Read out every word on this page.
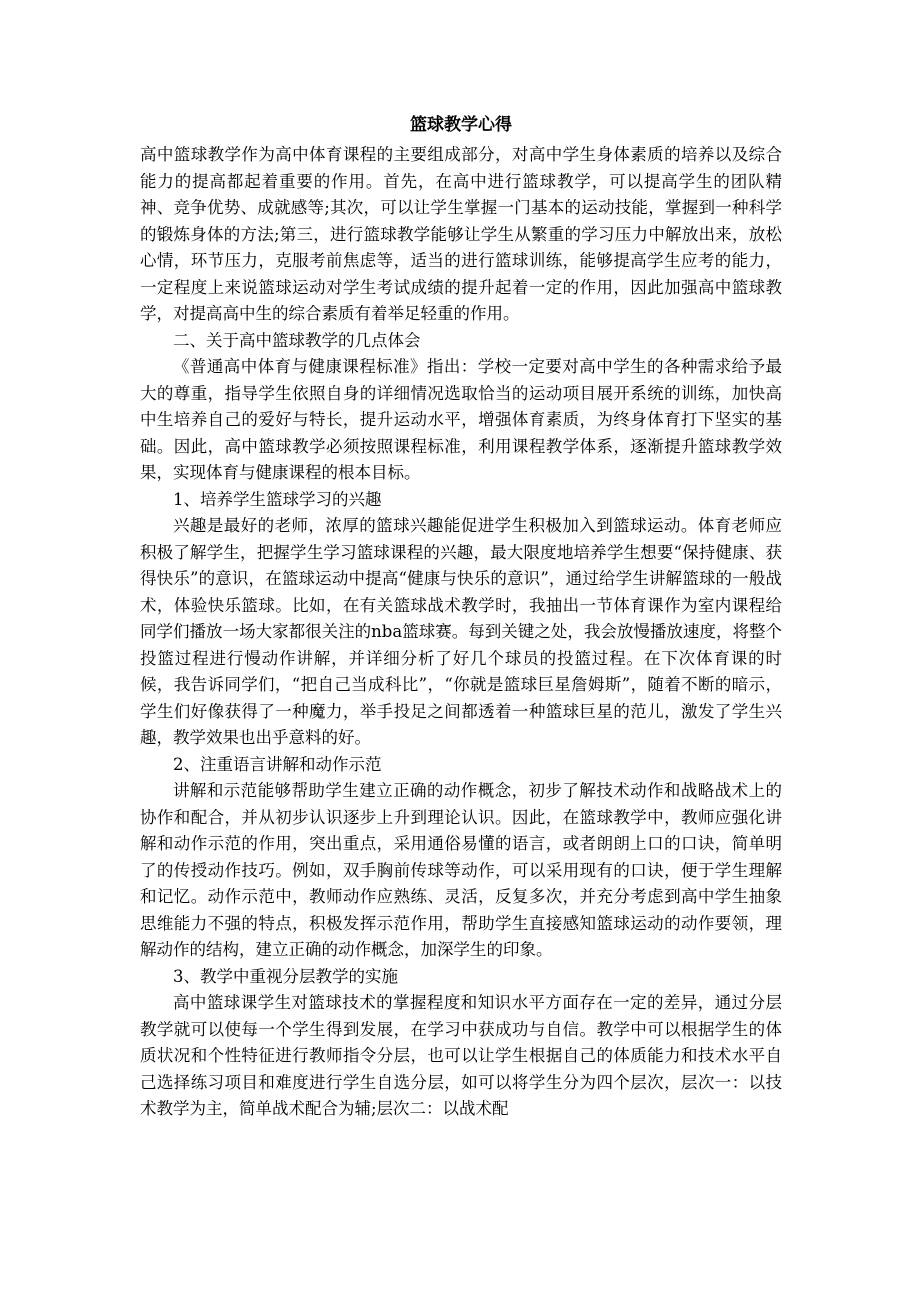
篮球教学心得

高中篮球教学作为高中体育课程的主要组成部分，对高中学生身体素质的培养以及综合能力的提高都起着重要的作用。首先，在高中进行篮球教学，可以提高学生的团队精神、竞争优势、成就感等;其次，可以让学生掌握一门基本的运动技能，掌握到一种科学的锻炼身体的方法;第三，进行篮球教学能够让学生从繁重的学习压力中解放出来，放松心情，环节压力，克服考前焦虑等，适当的进行篮球训练，能够提高学生应考的能力，一定程度上来说篮球运动对学生考试成绩的提升起着一定的作用，因此加强高中篮球教学，对提高高中生的综合素质有着举足轻重的作用。

二、关于高中篮球教学的几点体会

《普通高中体育与健康课程标准》指出：学校一定要对高中学生的各种需求给予最大的尊重，指导学生依照自身的详细情况选取恰当的运动项目展开系统的训练，加快高中生培养自己的爱好与特长，提升运动水平，增强体育素质，为终身体育打下坚实的基础。因此，高中篮球教学必须按照课程标准，利用课程教学体系，逐渐提升篮球教学效果，实现体育与健康课程的根本目标。

1、培养学生篮球学习的兴趣

兴趣是最好的老师，浓厚的篮球兴趣能促进学生积极加入到篮球运动。体育老师应积极了解学生，把握学生学习篮球课程的兴趣，最大限度地培养学生想要“保持健康、获得快乐”的意识，在篮球运动中提高“健康与快乐的意识”，通过给学生讲解篮球的一般战术，体验快乐篮球。比如，在有关篮球战术教学时，我抽出一节体育课作为室内课程给同学们播放一场大家都很关注的nba篮球赛。每到关键之处，我会放慢播放速度，将整个投篮过程进行慢动作讲解，并详细分析了好几个球员的投篮过程。在下次体育课的时候，我告诉同学们，“把自己当成科比”，“你就是篮球巨星詹姆斯”，随着不断的暗示，学生们好像获得了一种魔力，举手投足之间都透着一种篮球巨星的范儿，激发了学生兴趣，教学效果也出乎意料的好。

2、注重语言讲解和动作示范

讲解和示范能够帮助学生建立正确的动作概念，初步了解技术动作和战略战术上的协作和配合，并从初步认识逐步上升到理论认识。因此，在篮球教学中，教师应强化讲解和动作示范的作用，突出重点，采用通俗易懂的语言，或者朗朗上口的口诀，简单明了的传授动作技巧。例如，双手胸前传球等动作，可以采用现有的口诀，便于学生理解和记忆。动作示范中，教师动作应熟练、灵活，反复多次，并充分考虑到高中学生抽象思维能力不强的特点，积极发挥示范作用，帮助学生直接感知篮球运动的动作要领，理解动作的结构，建立正确的动作概念，加深学生的印象。

3、教学中重视分层教学的实施

高中篮球课学生对篮球技术的掌握程度和知识水平方面存在一定的差异，通过分层教学就可以使每一个学生得到发展，在学习中获成功与自信。教学中可以根据学生的体质状况和个性特征进行教师指令分层，也可以让学生根据自己的体质能力和技术水平自己选择练习项目和难度进行学生自选分层，如可以将学生分为四个层次，层次一：以技术教学为主，简单战术配合为辅;层次二：以战术配
